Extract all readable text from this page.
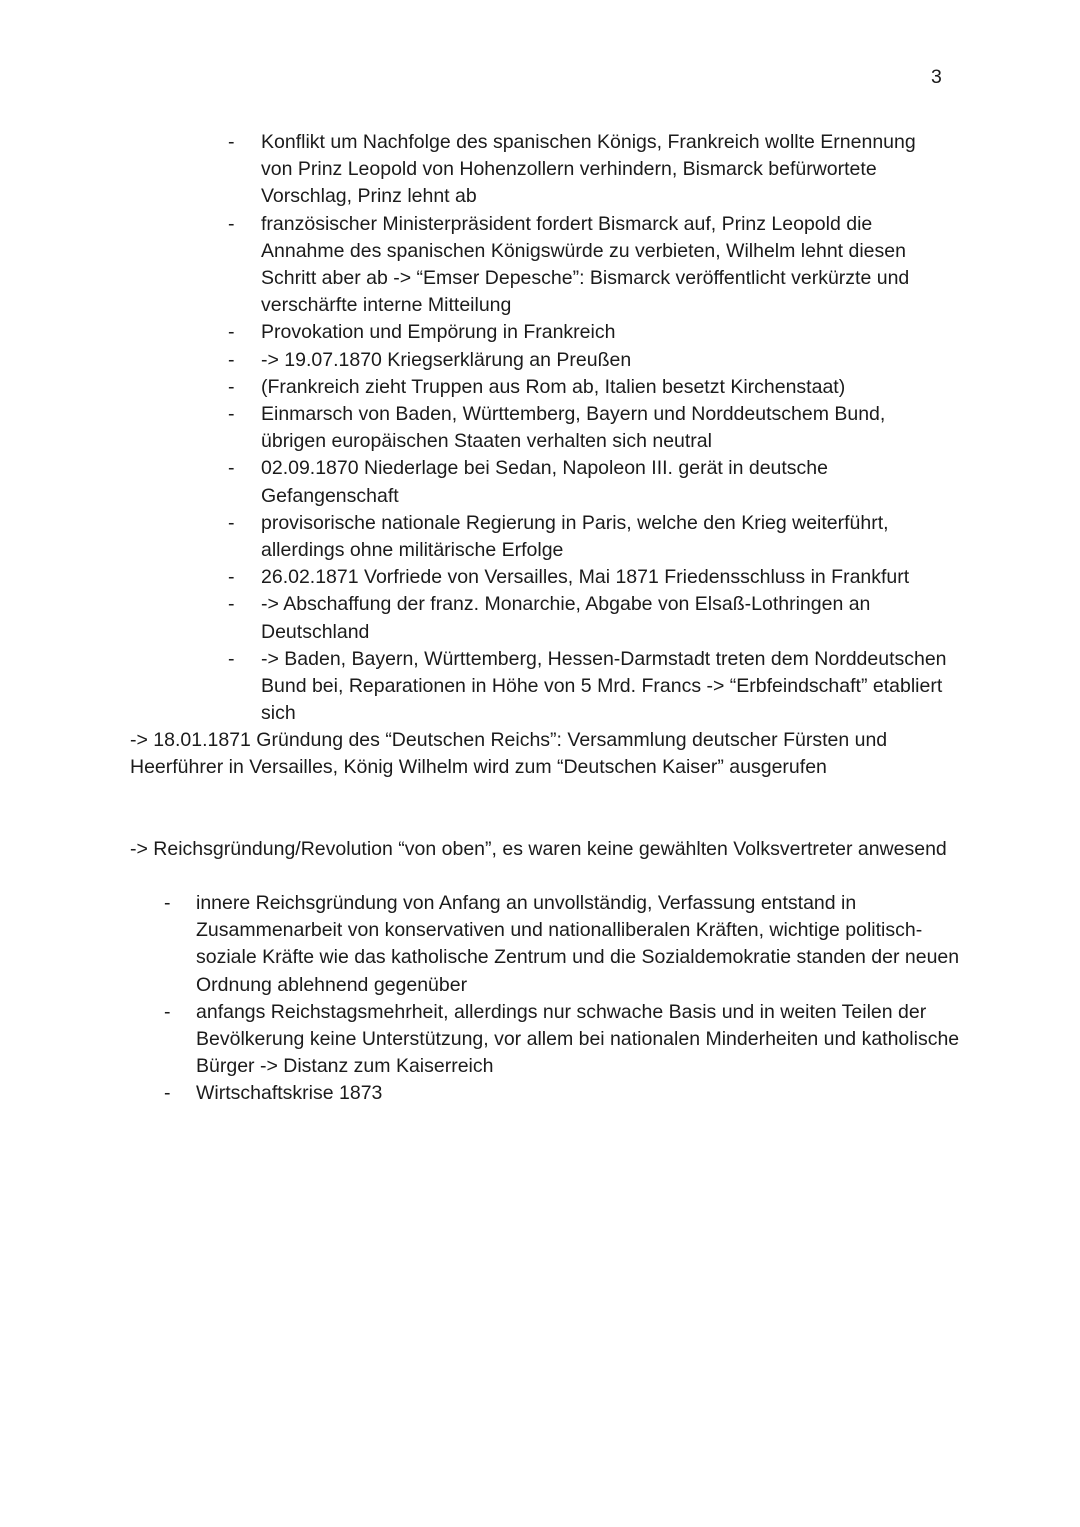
3
- Konflikt um Nachfolge des spanischen Königs, Frankreich wollte Ernennung von Prinz Leopold von Hohenzollern verhindern, Bismarck befürwortete Vorschlag, Prinz lehnt ab
- französischer Ministerpräsident fordert Bismarck auf, Prinz Leopold die Annahme des spanischen Königswürde zu verbieten, Wilhelm lehnt diesen Schritt aber ab -> “Emser Depesche”: Bismarck veröffentlicht verkürzte und verschärfte interne Mitteilung
- Provokation und Empörung in Frankreich
- -> 19.07.1870 Kriegserklärung an Preußen
- (Frankreich zieht Truppen aus Rom ab, Italien besetzt Kirchenstaat)
- Einmarsch von Baden, Württemberg, Bayern und Norddeutschem Bund, übrigen europäischen Staaten verhalten sich neutral
- 02.09.1870 Niederlage bei Sedan, Napoleon III. gerät in deutsche Gefangenschaft
- provisorische nationale Regierung in Paris, welche den Krieg weiterführt, allerdings ohne militärische Erfolge
- 26.02.1871 Vorfriede von Versailles, Mai 1871 Friedensschluss in Frankfurt
- -> Abschaffung der franz. Monarchie, Abgabe von Elsaß-Lothringen an Deutschland
- -> Baden, Bayern, Württemberg, Hessen-Darmstadt treten dem Norddeutschen Bund bei, Reparationen in Höhe von 5 Mrd. Francs -> “Erbfeindschaft” etabliert sich

-> 18.01.1871 Gründung des “Deutschen Reichs”: Versammlung deutscher Fürsten und Heerführer in Versailles, König Wilhelm wird zum “Deutschen Kaiser” ausgerufen

-> Reichsgründung/Revolution “von oben”, es waren keine gewählten Volksvertreter anwesend

- innere Reichsgründung von Anfang an unvollständig, Verfassung entstand in Zusammenarbeit von konservativen und nationalliberalen Kräften, wichtige politisch-soziale Kräfte wie das katholische Zentrum und die Sozialdemokratie standen der neuen Ordnung ablehnend gegenüber
- anfangs Reichstagsmehrheit, allerdings nur schwache Basis und in weiten Teilen der Bevölkerung keine Unterstützung, vor allem bei nationalen Minderheiten und katholische Bürger -> Distanz zum Kaiserreich
- Wirtschaftskrise 1873
